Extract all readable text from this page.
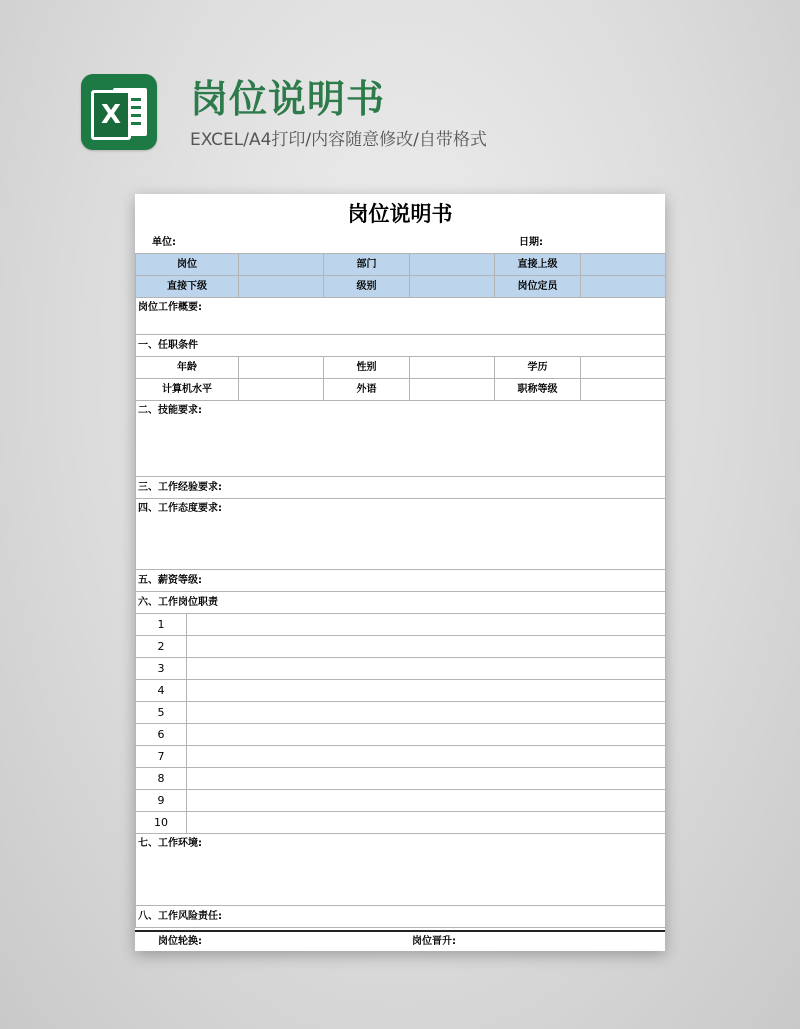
X 岗位说明书
EXCEL/A4打印/内容随意修改/自带格式
岗位说明书
单位:	日期:
岗位			部门		直接上级	
直接下级			级别		岗位定员	
岗位工作概要:						
一、任职条件						
年龄			性别		学历	
计算机水平			外语		职称等级	
二、技能要求:						
三、工作经验要求:						
四、工作态度要求:						
五、薪资等级:						
六、工作岗位职责						
1						
2						
3						
4						
5						
6						
7						
8						
9						
10						
七、工作环境:						
八、工作风险责任:						
岗位轮换:	岗位晋升:
